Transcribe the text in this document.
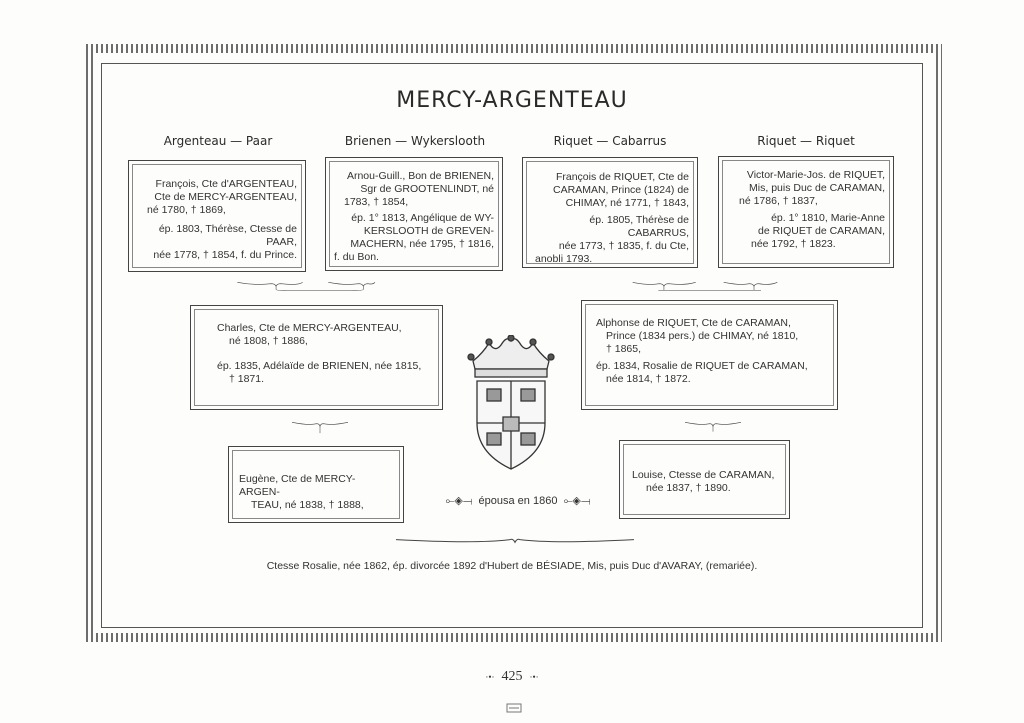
MERCY-ARGENTEAU
Argenteau — Paar	Brienen — Wykerslooth	Riquet — Cabarrus	Riquet — Riquet

François, Cte d'ARGENTEAU,

Cte de MERCY-ARGENTEAU,

né 1780, † 1869,

ép. 1803, Thérèse, Ctesse de PAAR,

née 1778, † 1854, f. du Prince.

Arnou-Guill., Bon de BRIENEN,

Sgr de GROOTENLINDT, né

1783, † 1854,

ép. 1° 1813, Angélique de WY-

KERSLOOTH de GREVEN-

MACHERN, née 1795, † 1816,

f. du Bon.

François de RIQUET, Cte de

CARAMAN, Prince (1824) de

CHIMAY, né 1771, † 1843,

ép. 1805, Thérèse de CABARRUS,

née 1773, † 1835, f. du Cte,

anobli 1793.

Victor-Marie-Jos. de RIQUET,

Mis, puis Duc de CARAMAN,

né 1786, † 1837,

ép. 1° 1810, Marie-Anne

de RIQUET de CARAMAN,

née 1792, † 1823.

Charles, Cte de MERCY-ARGENTEAU,

né 1808, † 1886,

ép. 1835, Adélaïde de BRIENEN, née 1815,

† 1871.

Alphonse de RIQUET, Cte de CARAMAN,

Prince (1834 pers.) de CHIMAY, né 1810,

† 1865,

ép. 1834, Rosalie de RIQUET de CARAMAN,

née 1814, † 1872.

Eugène, Cte de MERCY-ARGEN-

TEAU, né 1838, † 1888,

Louise, Ctesse de CARAMAN,

née 1837, † 1890.

⟜◈⟞ épousa en 1860 ⟜◈⟞
Ctesse Rosalie, née 1862, ép. divorcée 1892 d'Hubert de BÉSIADE, Mis, puis Duc d'AVARAY, (remariée).
·•· 425 ·•·
